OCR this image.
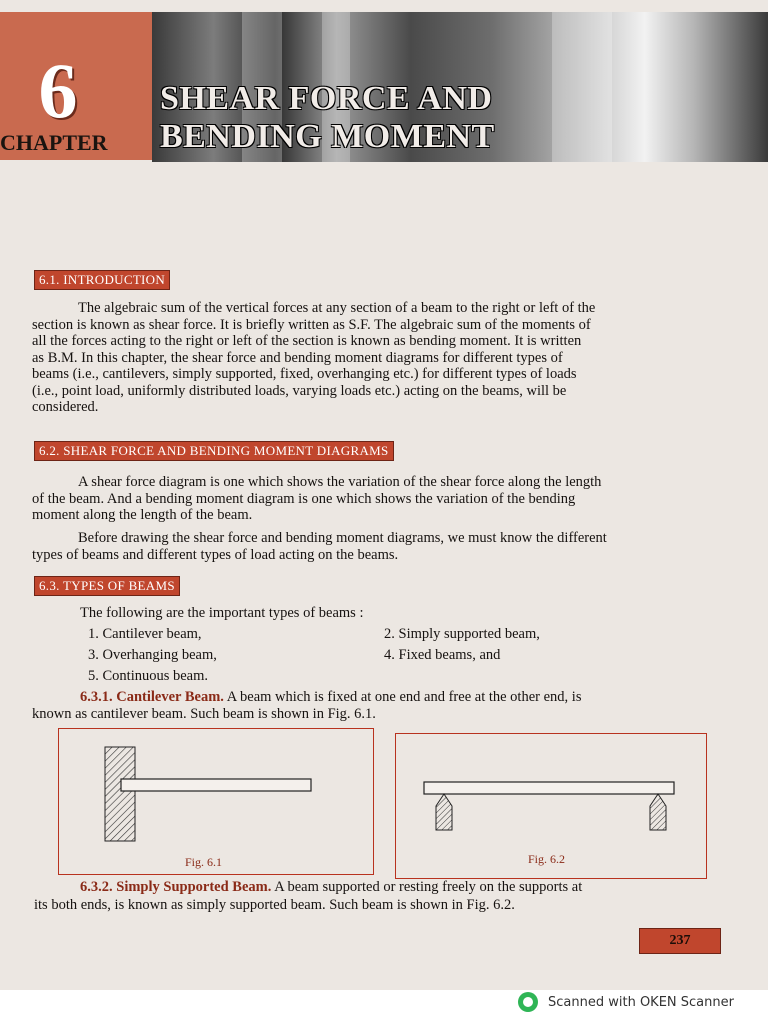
6
CHAPTER
SHEAR FORCE AND
BENDING MOMENT
6.1. INTRODUCTION
The algebraic sum of the vertical forces at any section of a beam to the right or left of the
section is known as shear force. It is briefly written as S.F. The algebraic sum of the moments of
all the forces acting to the right or left of the section is known as bending moment. It is written
as B.M. In this chapter, the shear force and bending moment diagrams for different types of
beams (i.e., cantilevers, simply supported, fixed, overhanging etc.) for different types of loads
(i.e., point load, uniformly distributed loads, varying loads etc.) acting on the beams, will be
considered.
6.2. SHEAR FORCE AND BENDING MOMENT DIAGRAMS
A shear force diagram is one which shows the variation of the shear force along the length
of the beam. And a bending moment diagram is one which shows the variation of the bending
moment along the length of the beam.
Before drawing the shear force and bending moment diagrams, we must know the different
types of beams and different types of load acting on the beams.
6.3. TYPES OF BEAMS
The following are the important types of beams :
1. Cantilever beam,	2. Simply supported beam,
3. Overhanging beam,	4. Fixed beams, and
5. Continuous beam.
6.3.1. Cantilever Beam. A beam which is fixed at one end and free at the other end, is
known as cantilever beam. Such beam is shown in Fig. 6.1.
Fig. 6.1	Fig. 6.2
6.3.2. Simply Supported Beam. A beam supported or resting freely on the supports at
its both ends, is known as simply supported beam. Such beam is shown in Fig. 6.2.
237
Scanned with OKEN Scanner
